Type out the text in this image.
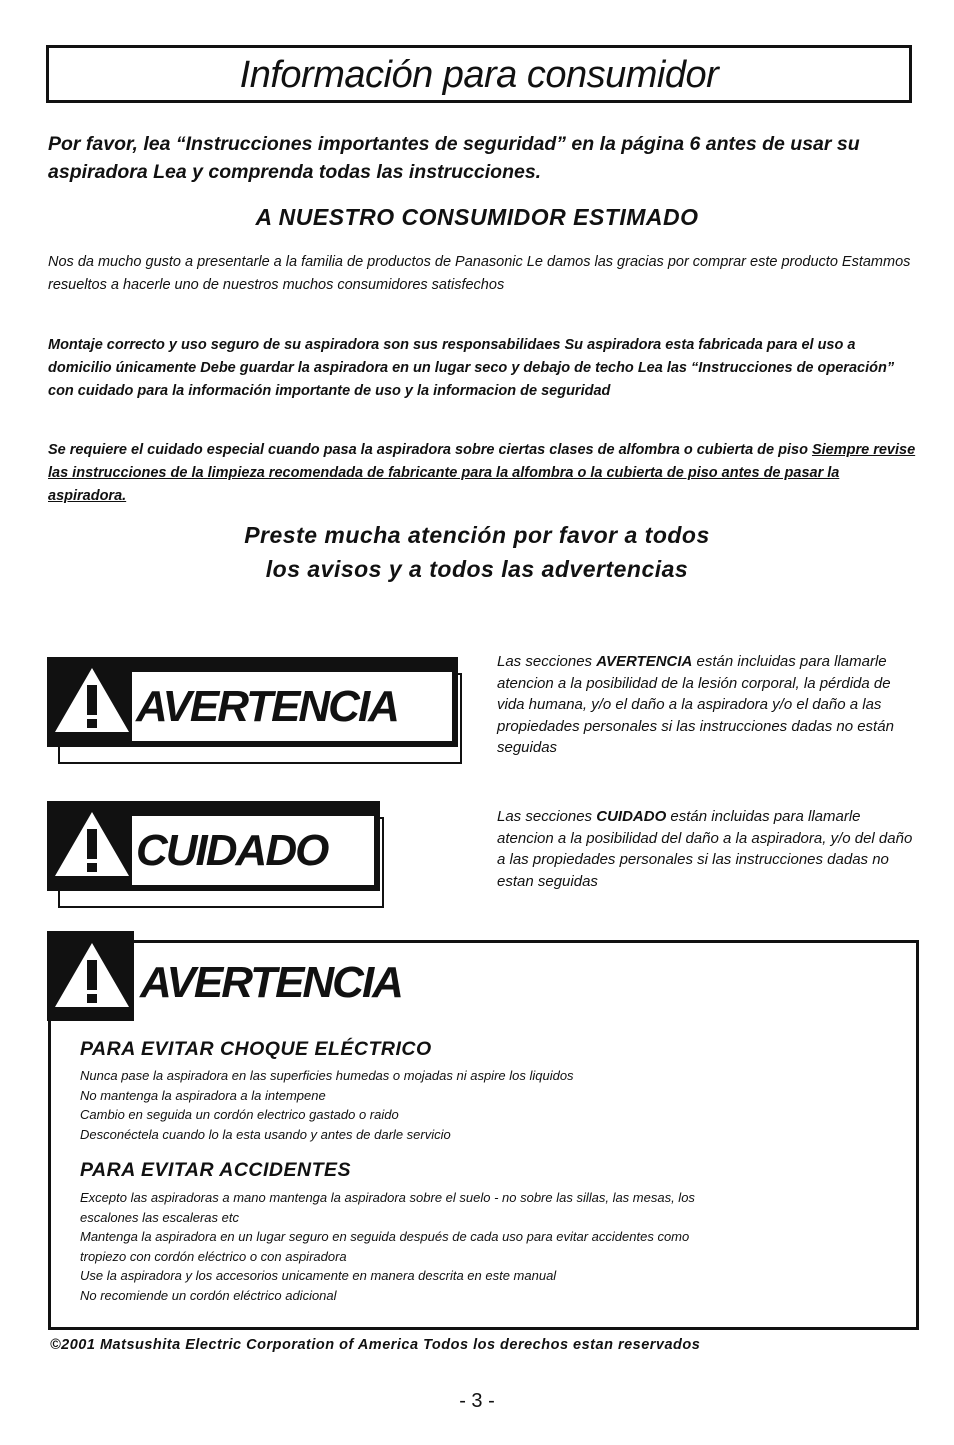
Información para consumidor
Por favor, lea “Instrucciones importantes de seguridad” en la página 6 antes de usar su aspiradora Lea y comprenda todas las instrucciones.
A NUESTRO CONSUMIDOR ESTIMADO
Nos da mucho gusto a presentarle a la familia de productos de Panasonic Le damos las gracias por comprar este producto Estammos resueltos a hacerle uno de nuestros muchos consumidores satisfechos
Montaje correcto y uso seguro de su aspiradora son sus responsabilidaes Su aspiradora esta fabricada para el uso a domicilio únicamente Debe guardar la aspiradora en un lugar seco y debajo de techo Lea las “Instrucciones de operación” con cuidado para la información importante de uso y la informacion de seguridad
Se requiere el cuidado especial cuando pasa la aspiradora sobre ciertas clases de alfombra o cubierta de piso Siempre revise las instrucciones de la limpieza recomendada de fabricante para la alfombra o la cubierta de piso antes de pasar la aspiradora.
Preste mucha atención por favor a todos
los avisos y a todos las advertencias
AVERTENCIA
Las secciones AVERTENCIA están incluidas para llamarle atencion a la posibilidad de la lesión corporal, la pérdida de vida humana, y/o el daño a la aspiradora y/o el daño a las propiedades personales si las instrucciones dadas no están seguidas
CUIDADO
Las secciones CUIDADO están incluidas para llamarle atencion a la posibilidad del daño a la aspiradora, y/o del daño a las propiedades personales si las instrucciones dadas no estan seguidas
AVERTENCIA
PARA EVITAR CHOQUE ELÉCTRICO
Nunca pase la aspiradora en las superficies humedas o mojadas ni aspire los liquidos
No mantenga la aspiradora a la intempene
Cambio en seguida un cordón electrico gastado o raido
Desconéctela cuando lo la esta usando y antes de darle servicio
PARA EVITAR ACCIDENTES
Excepto las aspiradoras a mano mantenga la aspiradora sobre el suelo - no sobre las sillas, las mesas, los
escalones las escaleras etc
Mantenga la aspiradora en un lugar seguro en seguida después de cada uso para evitar accidentes como
tropiezo con cordón eléctrico o con aspiradora
Use la aspiradora y los accesorios unicamente en manera descrita en este manual
No recomiende un cordón eléctrico adicional
©2001 Matsushita Electric Corporation of America Todos los derechos estan reservados
- 3 -
